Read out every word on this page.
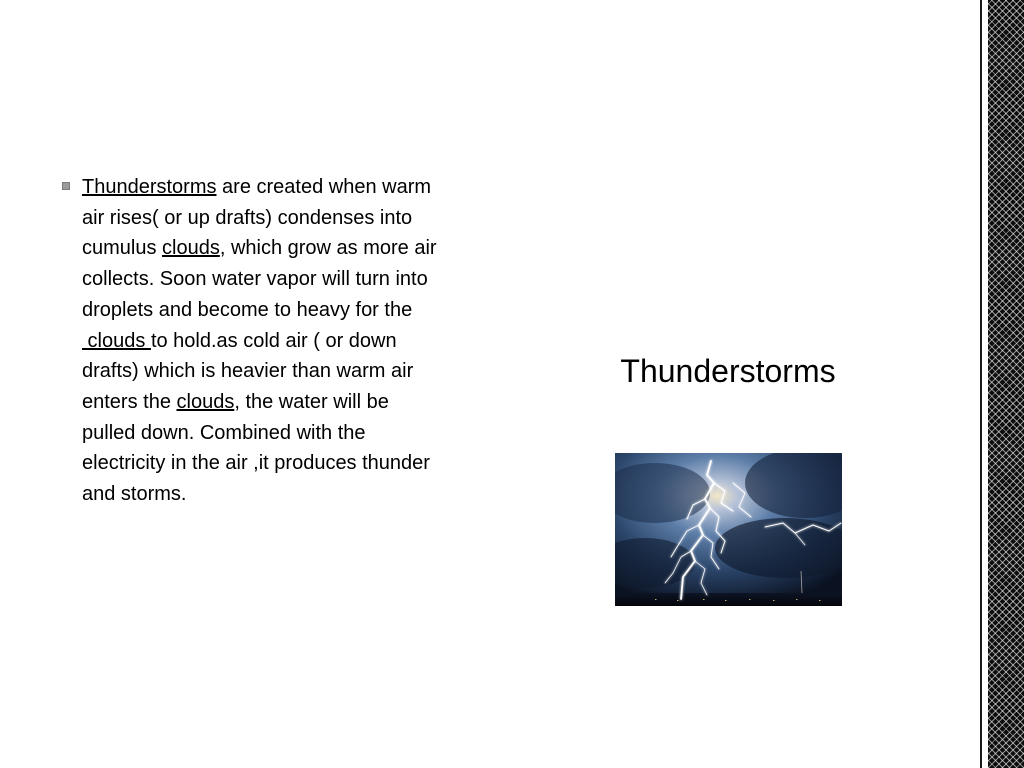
Thunderstorms are created when warm air rises( or up drafts) condenses into cumulus clouds, which grow as more air collects. Soon water vapor will turn into droplets and become to heavy for the clouds to hold.as cold air ( or down drafts) which is heavier than warm air enters the clouds, the water will be pulled down. Combined with the electricity in the air ,it produces thunder and storms.
Thunderstorms
